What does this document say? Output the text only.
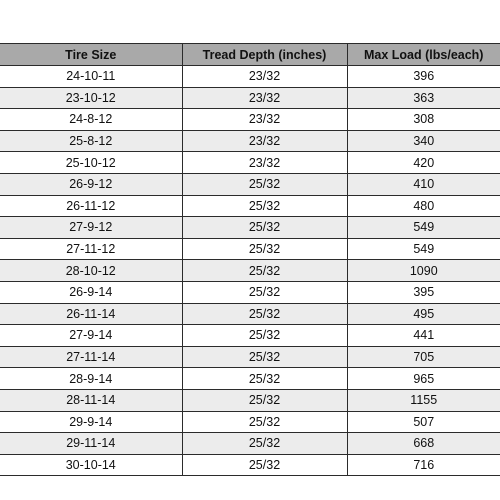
Tire Size	Tread Depth (inches)	Max Load (lbs/each)
24-10-11	23/32	396
23-10-12	23/32	363
24-8-12	23/32	308
25-8-12	23/32	340
25-10-12	23/32	420
26-9-12	25/32	410
26-11-12	25/32	480
27-9-12	25/32	549
27-11-12	25/32	549
28-10-12	25/32	1090
26-9-14	25/32	395
26-11-14	25/32	495
27-9-14	25/32	441
27-11-14	25/32	705
28-9-14	25/32	965
28-11-14	25/32	1155
29-9-14	25/32	507
29-11-14	25/32	668
30-10-14	25/32	716
